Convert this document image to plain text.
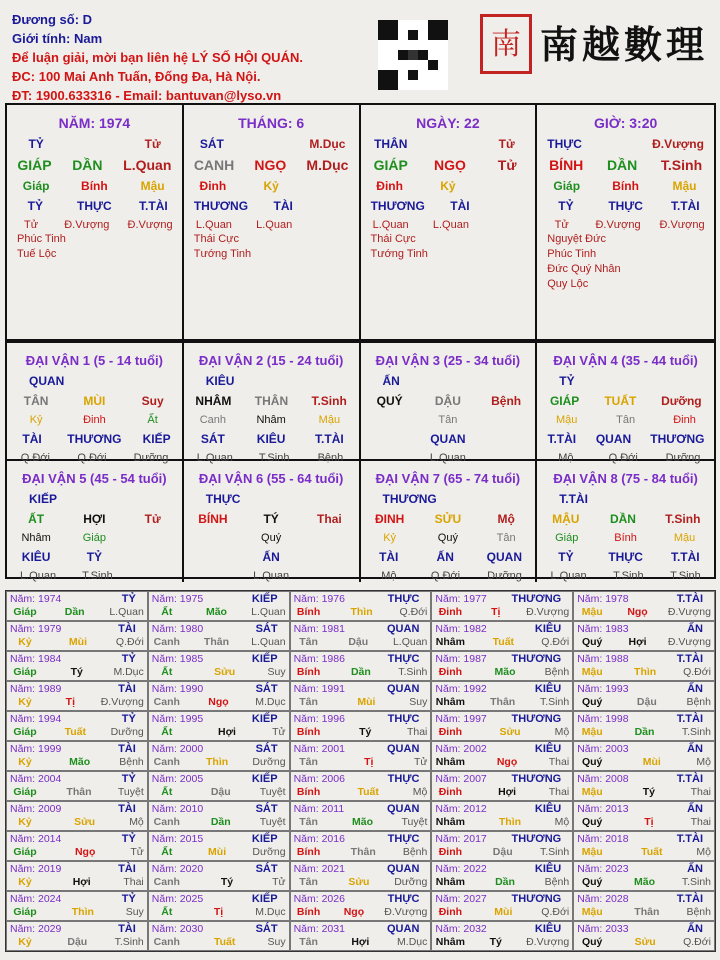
Đương số: D
Giới tính: Nam
Để luận giải, mời bạn liên hệ LÝ SỐ HỘI QUÁN.
ĐC: 100 Mai Anh Tuấn, Đống Đa, Hà Nội.
ĐT: 1900.633316 - Email: bantuvan@lyso.vn
南 南越數理
NĂM: 1974
TỶ	Tử
GIÁP DẦN L.Quan
Giáp	Bính	Mậu
TỶ	THỰC T.TÀI
Tử	Đ.Vượng Đ.Vượng
Phúc Tinh
Tuế Lộc
THÁNG: 6
SÁT	M.Dục
CANH NGỌ M.Dục
Đinh	Kỷ
THƯƠNG	TÀI
L.Quan L.Quan
Thái Cực
Tướng Tinh
NGÀY: 22
THÂN	Tử
GIÁP NGỌ	Tử
Đinh	Kỷ
THƯƠNG	TÀI
L.Quan L.Quan
Thái Cực
Tướng Tinh
GIỜ: 3:20
THỰC	Đ.Vượng
BÍNH DẦN T.Sinh
Giáp	Bính	Mậu
TỶ	THỰC T.TÀI
Tử	Đ.Vượng Đ.Vượng
Nguyệt Đức
Phúc Tinh
Đức Quý Nhân
Quy Lộc
ĐẠI VẬN 1 (5 - 14 tuổi)
QUAN
TÂN	MÙI	Suy
Kỷ	Đinh	Ất
TÀI	THƯƠNG KIẾP
Q.Đới Q.Đới Dưỡng
ĐẠI VẬN 2 (15 - 24 tuổi)
KIÊU
NHÂM THÂN T.Sinh
Canh	Nhâm	Mậu
SÁT	KIÊU T.TÀI
L.Quan T.Sinh	Bệnh
ĐẠI VẬN 3 (25 - 34 tuổi)
ẤN
QUÝ	DẬU	Bệnh
Tân
QUAN
L.Quan
ĐẠI VẬN 4 (35 - 44 tuổi)
TỶ
GIÁP TUẤT Dưỡng
Mậu	Tân	Đinh
T.TÀI QUAN THƯƠNG
Mộ	Q.Đới	Dưỡng
ĐẠI VẬN 5 (45 - 54 tuổi)
KIẾP
ẤT	HỢI	Tử
Nhâm	Giáp
KIÊU	TỶ
L.Quan T.Sinh
ĐẠI VẬN 6 (55 - 64 tuổi)
THỰC
BÍNH	TÝ	Thai
Quý
ẤN
L.Quan
ĐẠI VẬN 7 (65 - 74 tuổi)
THƯƠNG
ĐINH	SỬU	Mộ
Kỷ	Quý	Tân
TÀI	ẤN	QUAN
Mộ	Q.Đới Dưỡng
ĐẠI VẬN 8 (75 - 84 tuổi)
T.TÀI
MẬU	DẦN T.Sinh
Giáp	Bính	Mậu
TỶ	THỰC T.TÀI
L.Quan T.Sinh T.Sinh
Năm: 1974	TỶ
Giáp	Dần	L.Quan
Năm: 1975	KIẾP
Ất	Mão	L.Quan
Năm: 1976	THỰC
Bính	Thìn	Q.Đới
Năm: 1977 THƯƠNG
Đinh	Tị	Đ.Vượng
Năm: 1978	T.TÀI
Mậu	Ngọ	Đ.Vượng
Năm: 1979	TÀI
Kỷ	Mùi	Q.Đới
Năm: 1980	SÁT
Canh Thân L.Quan
Năm: 1981	QUAN
Tân	Dậu	L.Quan
Năm: 1982	KIÊU
Nhâm	Tuất	Q.Đới
Năm: 1983	ẤN
Quý	Hợi	Đ.Vượng
Năm: 1984	TỶ
Giáp	Tý	M.Dục
Năm: 1985	KIẾP
Ất	Sửu	Suy
Năm: 1986	THỰC
Bính	Dần	T.Sinh
Năm: 1987 THƯƠNG
Đinh	Mão	Bệnh
Năm: 1988	T.TÀI
Mậu	Thìn	Q.Đới
Năm: 1989	TÀI
Kỷ	Tị	Đ.Vượng
Năm: 1990	SÁT
Canh	Ngọ	M.Dục
Năm: 1991	QUAN
Tân	Mùi	Suy
Năm: 1992	KIÊU
Nhâm Thân T.Sinh
Năm: 1993	ẤN
Quý	Dậu	Bệnh
Năm: 1994	TỶ
Giáp	Tuất	Dưỡng
Năm: 1995	KIẾP
Ất	Hợi	Tử
Năm: 1996	THỰC
Bính	Tý	Thai
Năm: 1997 THƯƠNG
Đinh	Sửu	Mộ
Năm: 1998	T.TÀI
Mậu	Dần	T.Sinh
Năm: 1999	TÀI
Kỷ	Mão	Bệnh
Năm: 2000	SÁT
Canh	Thìn	Dưỡng
Năm: 2001	QUAN
Tân	Tị	Tử
Năm: 2002	KIÊU
Nhâm	Ngọ	Thai
Năm: 2003	ẤN
Quý	Mùi	Mộ
Năm: 2004	TỶ
Giáp	Thân	Tuyệt
Năm: 2005	KIẾP
Ất	Dậu	Tuyệt
Năm: 2006	THỰC
Bính	Tuất	Mộ
Năm: 2007 THƯƠNG
Đinh	Hợi	Thai
Năm: 2008	T.TÀI
Mậu	Tý	Thai
Năm: 2009	TÀI
Kỷ	Sửu	Mộ
Năm: 2010	SÁT
Canh	Dần	Tuyệt
Năm: 2011	QUAN
Tân	Mão	Tuyệt
Năm: 2012	KIÊU
Nhâm	Thìn	Mộ
Năm: 2013	ẤN
Quý	Tị	Thai
Năm: 2014	TỶ
Giáp	Ngọ	Tử
Năm: 2015	KIẾP
Ất	Mùi	Dưỡng
Năm: 2016	THỰC
Bính	Thân	Bệnh
Năm: 2017 THƯƠNG
Đinh	Dậu	T.Sinh
Năm: 2018	T.TÀI
Mậu	Tuất	Mộ
Năm: 2019	TÀI
Kỷ	Hợi	Thai
Năm: 2020	SÁT
Canh	Tý	Tử
Năm: 2021	QUAN
Tân	Sửu	Dưỡng
Năm: 2022	KIÊU
Nhâm	Dần	Bệnh
Năm: 2023	ẤN
Quý	Mão	T.Sinh
Năm: 2024	TỶ
Giáp	Thìn	Suy
Năm: 2025	KIẾP
Ất	Tị	M.Dục
Năm: 2026	THỰC
Bính	Ngọ	Đ.Vượng
Năm: 2027 THƯƠNG
Đinh	Mùi	Q.Đới
Năm: 2028	T.TÀI
Mậu	Thân	Bệnh
Năm: 2029	TÀI
Kỷ	Dậu	T.Sinh
Năm: 2030	SÁT
Canh	Tuất	Suy
Năm: 2031	QUAN
Tân	Hợi	M.Dục
Năm: 2032	KIÊU
Nhâm	Tý	Đ.Vượng
Năm: 2033	ẤN
Quý	Sửu	Q.Đới
